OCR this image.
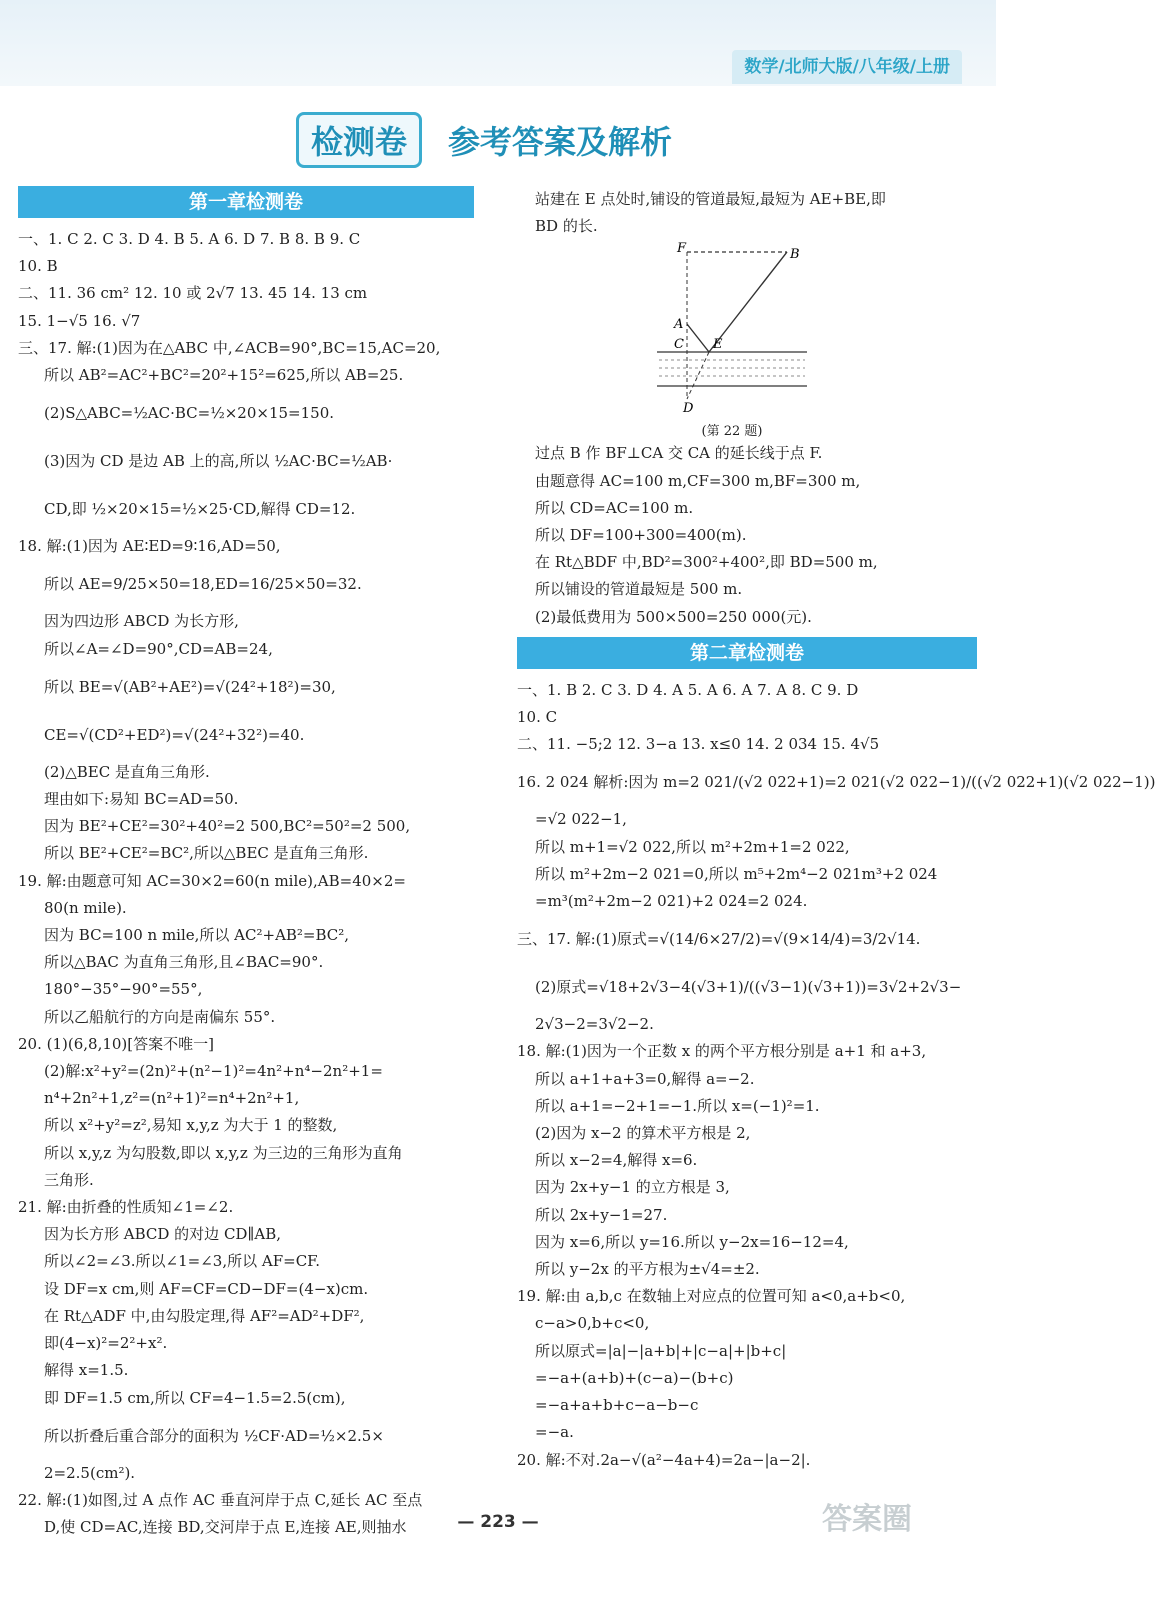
数学/北师大版/八年级/上册
检测卷	参考答案及解析
第一章检测卷
一、1. C 2. C 3. D 4. B 5. A 6. D 7. B 8. B 9. C
10. B
二、11. 36 cm² 12. 10 或 2√7 13. 45 14. 13 cm
15. 1−√5 16. √7
三、17. 解:(1)因为在△ABC 中,∠ACB=90°,BC=15,AC=20,
所以 AB²=AC²+BC²=20²+15²=625,所以 AB=25.
(2)S△ABC=½AC·BC=½×20×15=150.
(3)因为 CD 是边 AB 上的高,所以 ½AC·BC=½AB·
CD,即 ½×20×15=½×25·CD,解得 CD=12.
18. 解:(1)因为 AE∶ED=9∶16,AD=50,
所以 AE=9/25×50=18,ED=16/25×50=32.
因为四边形 ABCD 为长方形,
所以∠A=∠D=90°,CD=AB=24,
所以 BE=√(AB²+AE²)=√(24²+18²)=30,
CE=√(CD²+ED²)=√(24²+32²)=40.
(2)△BEC 是直角三角形.
理由如下:易知 BC=AD=50.
因为 BE²+CE²=30²+40²=2 500,BC²=50²=2 500,
所以 BE²+CE²=BC²,所以△BEC 是直角三角形.
19. 解:由题意可知 AC=30×2=60(n mile),AB=40×2=
80(n mile).
因为 BC=100 n mile,所以 AC²+AB²=BC²,
所以△BAC 为直角三角形,且∠BAC=90°.
180°−35°−90°=55°,
所以乙船航行的方向是南偏东 55°.
20. (1)(6,8,10)[答案不唯一]
(2)解:x²+y²=(2n)²+(n²−1)²=4n²+n⁴−2n²+1=
n⁴+2n²+1,z²=(n²+1)²=n⁴+2n²+1,
所以 x²+y²=z²,易知 x,y,z 为大于 1 的整数,
所以 x,y,z 为勾股数,即以 x,y,z 为三边的三角形为直角
三角形.
21. 解:由折叠的性质知∠1=∠2.
因为长方形 ABCD 的对边 CD∥AB,
所以∠2=∠3.所以∠1=∠3,所以 AF=CF.
设 DF=x cm,则 AF=CF=CD−DF=(4−x)cm.
在 Rt△ADF 中,由勾股定理,得 AF²=AD²+DF²,
即(4−x)²=2²+x².
解得 x=1.5.
即 DF=1.5 cm,所以 CF=4−1.5=2.5(cm),
所以折叠后重合部分的面积为 ½CF·AD=½×2.5×
2=2.5(cm²).
22. 解:(1)如图,过 A 点作 AC 垂直河岸于点 C,延长 AC 至点
D,使 CD=AC,连接 BD,交河岸于点 E,连接 AE,则抽水
站建在 E 点处时,铺设的管道最短,最短为 AE+BE,即
BD 的长.
F	B
A
C E
D
(第 22 题)
过点 B 作 BF⊥CA 交 CA 的延长线于点 F.
由题意得 AC=100 m,CF=300 m,BF=300 m,
所以 CD=AC=100 m.
所以 DF=100+300=400(m).
在 Rt△BDF 中,BD²=300²+400²,即 BD=500 m,
所以铺设的管道最短是 500 m.
(2)最低费用为 500×500=250 000(元).
第二章检测卷
一、1. B 2. C 3. D 4. A 5. A 6. A 7. A 8. C 9. D
10. C
二、11. −5;2 12. 3−a 13. x≤0 14. 2 034 15. 4√5
16. 2 024 解析:因为 m=2 021/(√2 022+1)=2 021(√2 022−1)/((√2 022+1)(√2 022−1))
=√2 022−1,
所以 m+1=√2 022,所以 m²+2m+1=2 022,
所以 m²+2m−2 021=0,所以 m⁵+2m⁴−2 021m³+2 024
=m³(m²+2m−2 021)+2 024=2 024.
三、17. 解:(1)原式=√(14/6×27/2)=√(9×14/4)=3/2√14.
(2)原式=√18+2√3−4(√3+1)/((√3−1)(√3+1))=3√2+2√3−
2√3−2=3√2−2.
18. 解:(1)因为一个正数 x 的两个平方根分别是 a+1 和 a+3,
所以 a+1+a+3=0,解得 a=−2.
所以 a+1=−2+1=−1.所以 x=(−1)²=1.
(2)因为 x−2 的算术平方根是 2,
所以 x−2=4,解得 x=6.
因为 2x+y−1 的立方根是 3,
所以 2x+y−1=27.
因为 x=6,所以 y=16.所以 y−2x=16−12=4,
所以 y−2x 的平方根为±√4=±2.
19. 解:由 a,b,c 在数轴上对应点的位置可知 a<0,a+b<0,
c−a>0,b+c<0,
所以原式=|a|−|a+b|+|c−a|+|b+c|
=−a+(a+b)+(c−a)−(b+c)
=−a+a+b+c−a−b−c
=−a.
20. 解:不对.2a−√(a²−4a+4)=2a−|a−2|.
— 223 —	答案圈
